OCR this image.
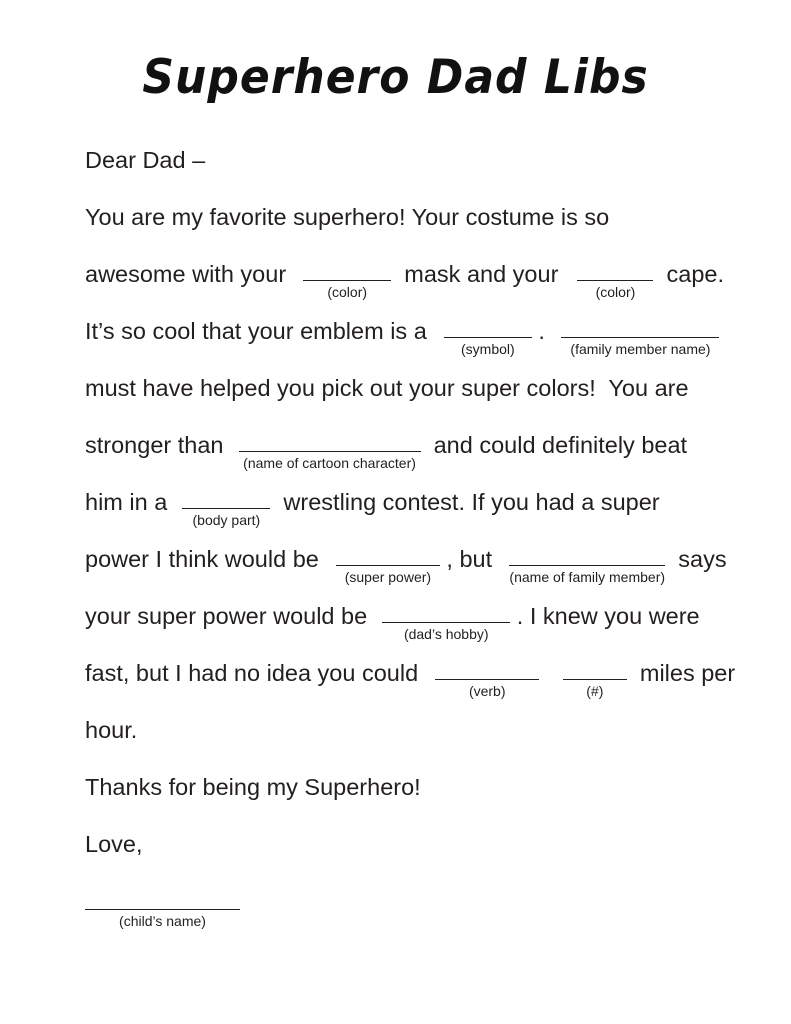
Superhero Dad Libs
Dear Dad –
You are my favorite superhero! Your costume is so
awesome with your
(color)
mask and your
(color)
cape.
It’s so cool that your emblem is a
(symbol)
.
(family member name)
must have helped you pick out your super colors!  You are
stronger than
(name of cartoon character)
and could definitely beat
him in a
(body part)
wrestling contest. If you had a super
power I think would be
(super power)
, but
(name of family member)
says
your super power would be
(dad’s hobby)
. I knew you were
fast, but I had no idea you could
(verb)
	(#)
miles per
hour.
Thanks for being my Superhero!
Love,
(child’s name)
